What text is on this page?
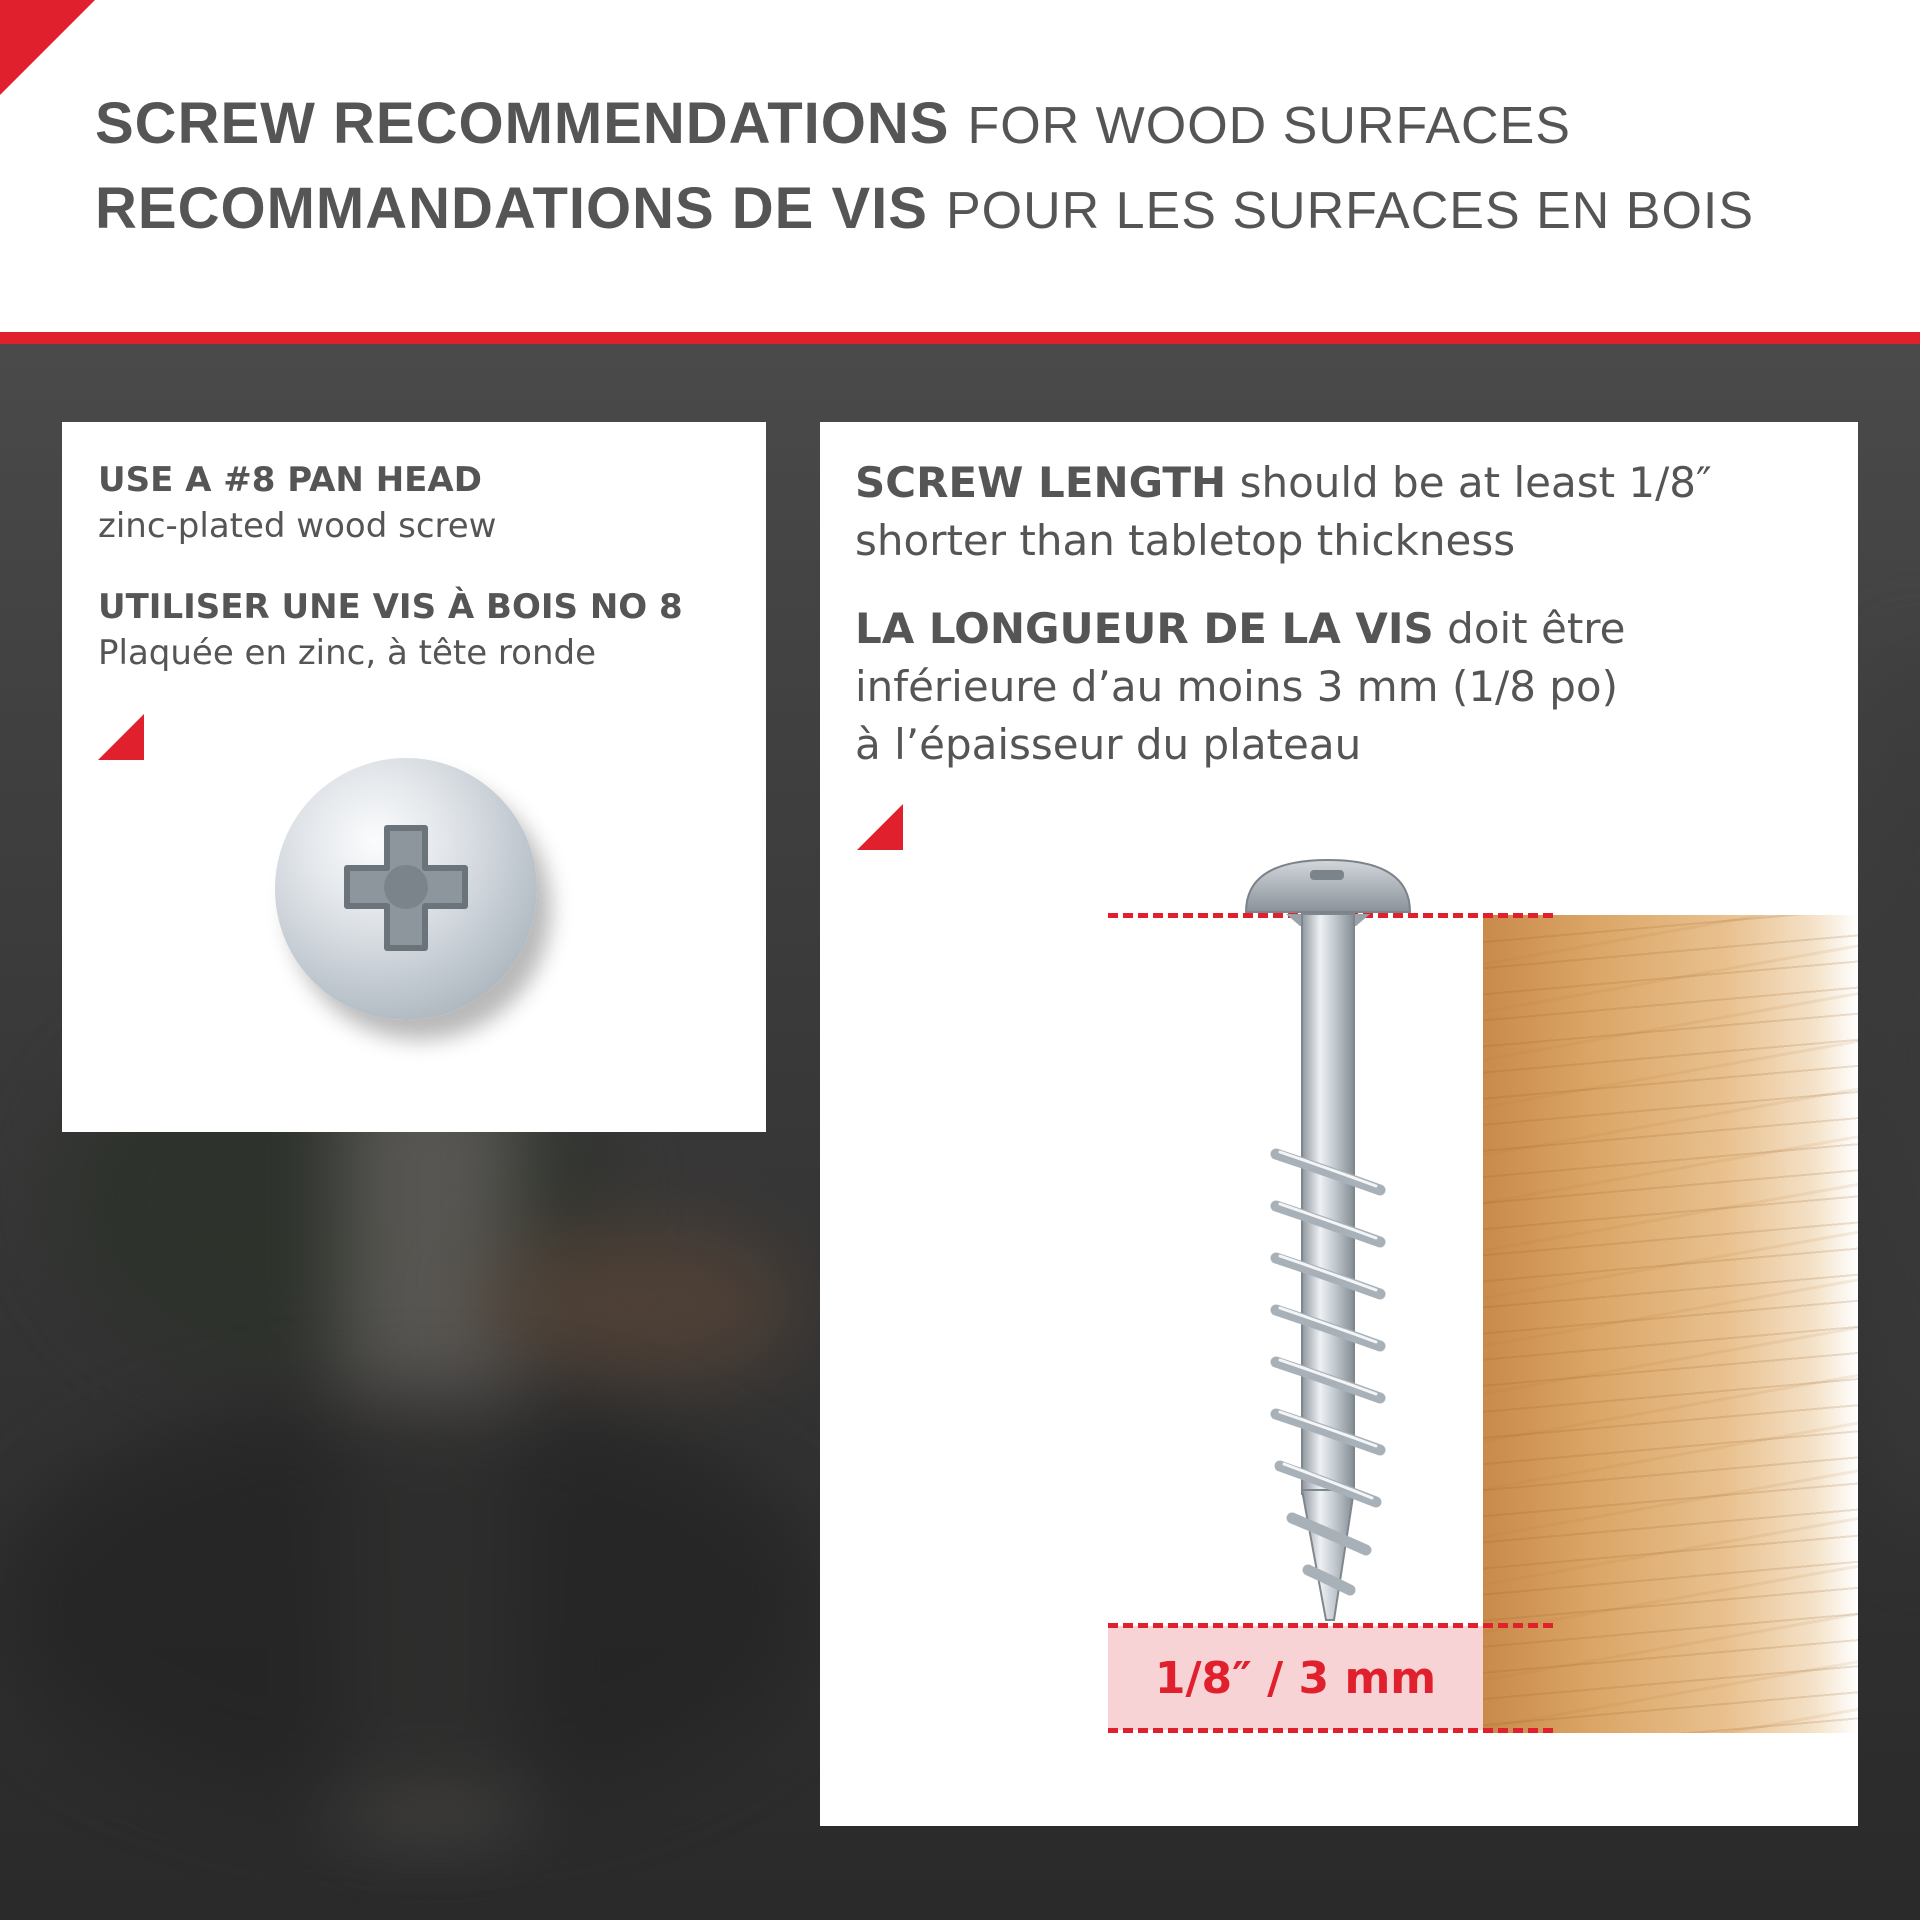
SCREW RECOMMENDATIONS FOR WOOD SURFACES
RECOMMANDATIONS DE VIS POUR LES SURFACES EN BOIS
USE A #8 PAN HEAD
zinc-plated wood screw
UTILISER UNE VIS À BOIS NO 8
Plaquée en zinc, à tête ronde
SCREW LENGTH should be at least 1/8″
shorter than tabletop thickness
LA LONGUEUR DE LA VIS doit être
inférieure d’au moins 3 mm (1/8 po)
à l’épaisseur du plateau
1/8″ / 3 mm
